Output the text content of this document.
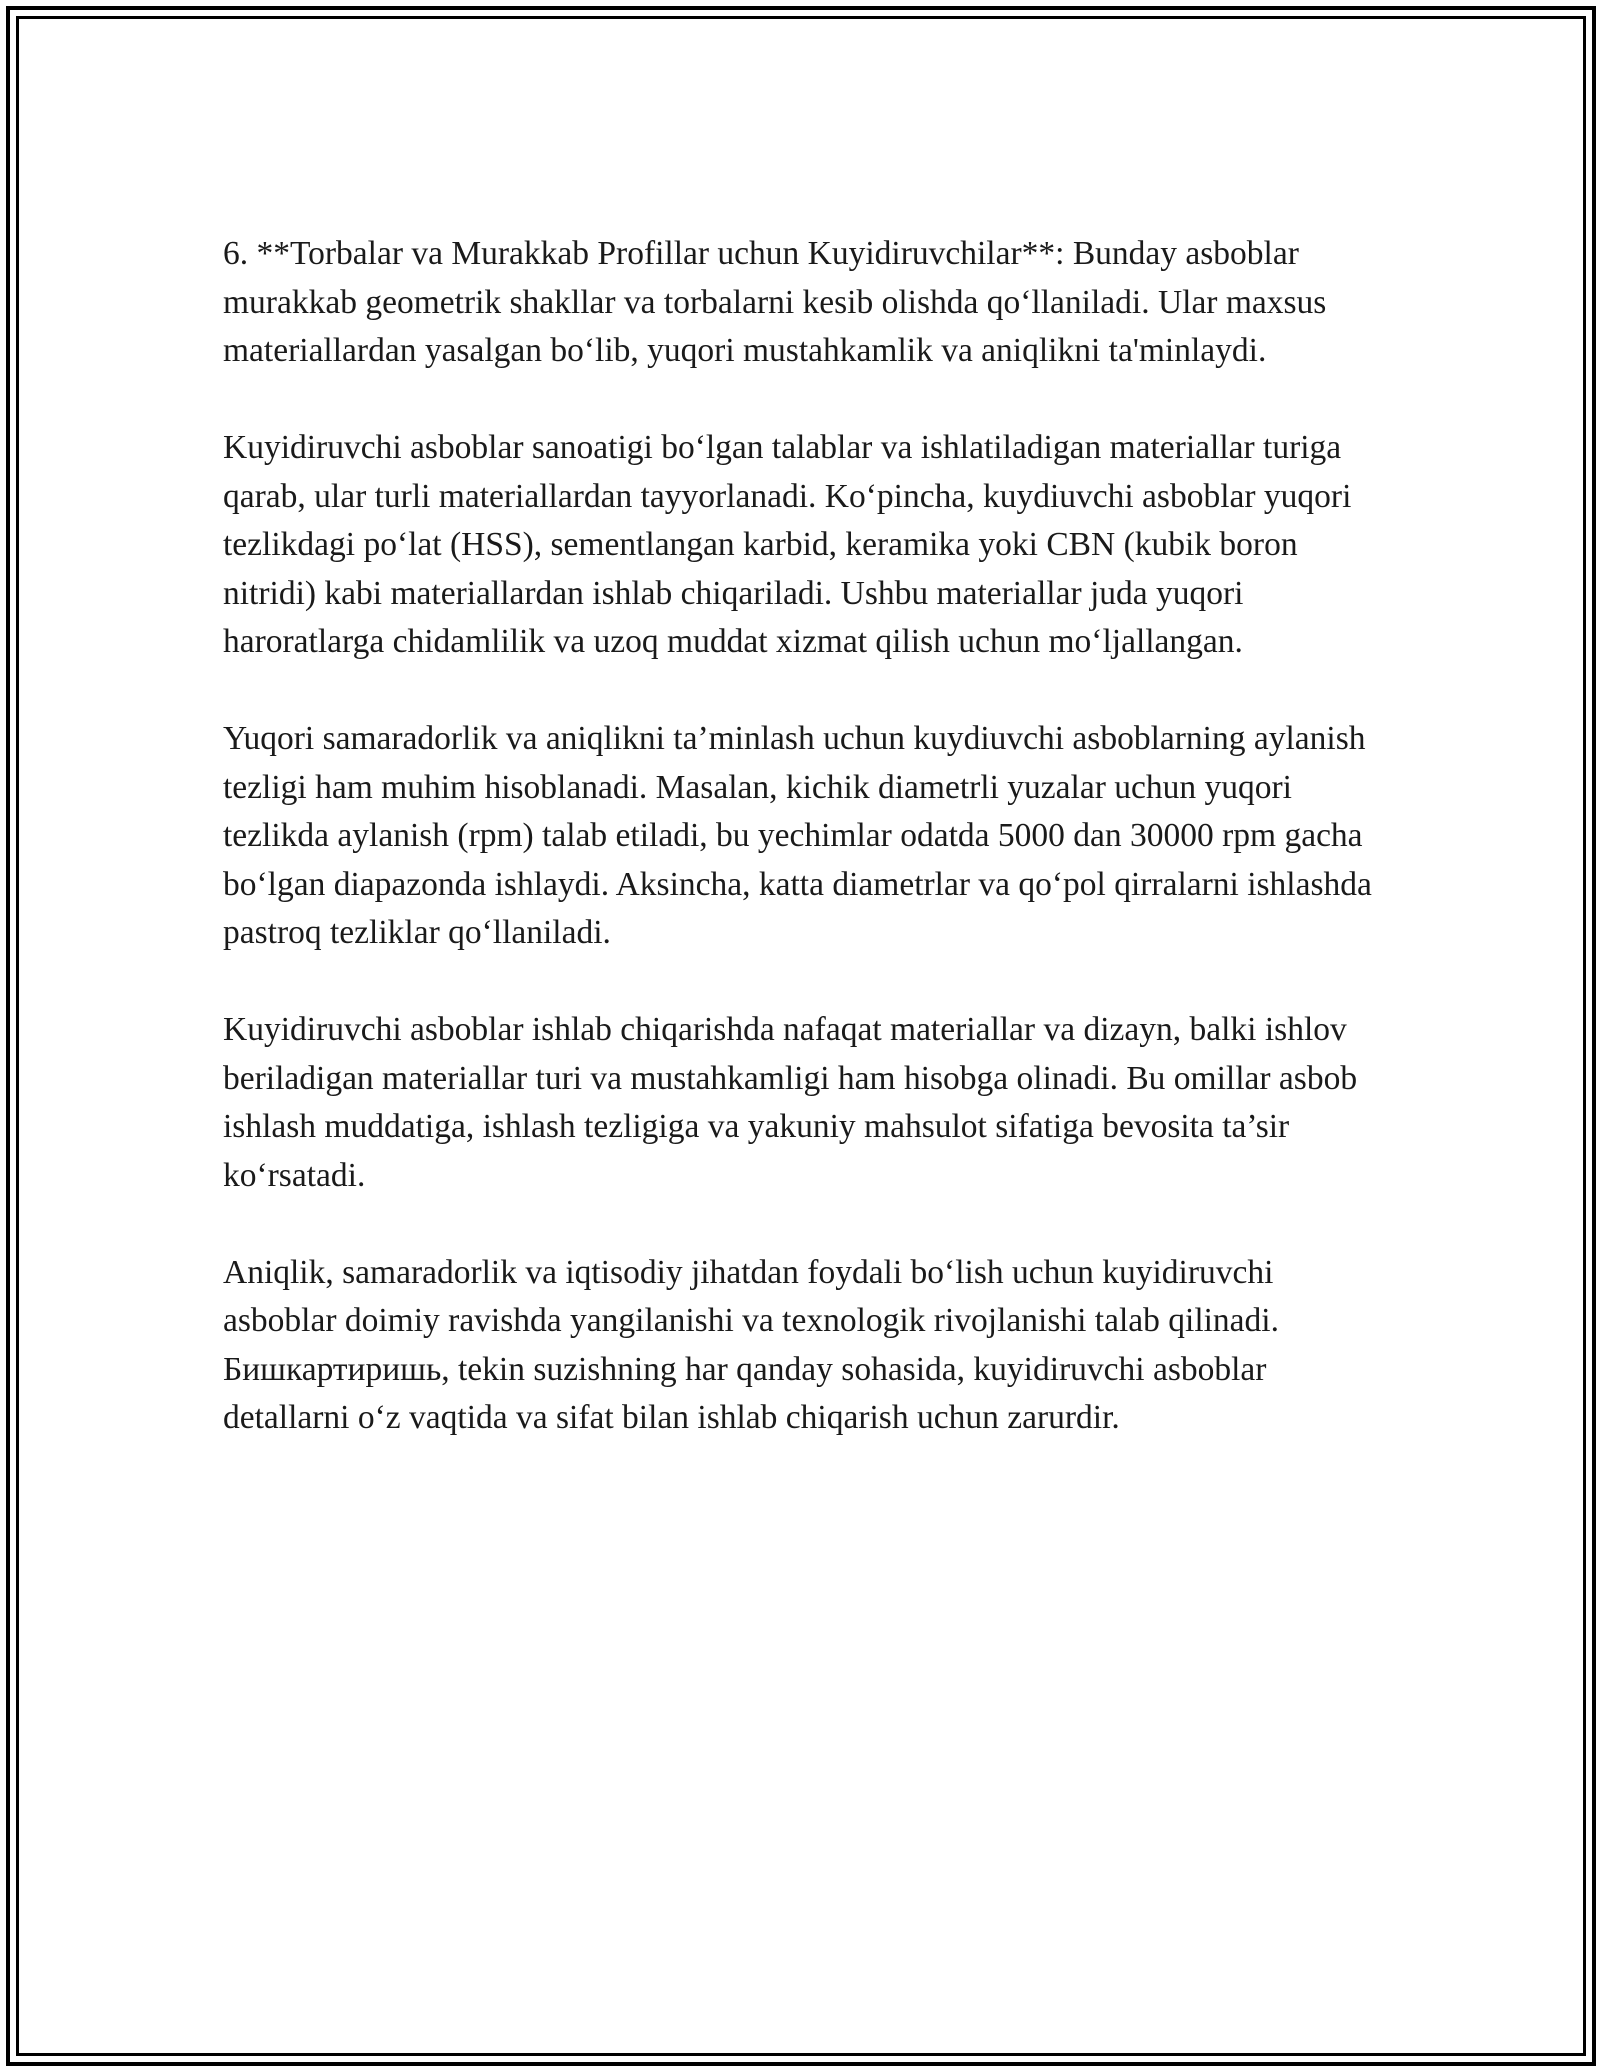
6. **Torbalar va Murakkab Profillar uchun Kuyidiruvchilar**: Bunday asboblar murakkab geometrik shakllar va torbalarni kesib olishda qo‘llaniladi. Ular maxsus materiallardan yasalgan bo‘lib, yuqori mustahkamlik va aniqlikni ta'minlaydi.

Kuyidiruvchi asboblar sanoatigi bo‘lgan talablar va ishlatiladigan materiallar turiga qarab, ular turli materiallardan tayyorlanadi. Ko‘pincha, kuydiuvchi asboblar yuqori tezlikdagi po‘lat (HSS), sementlangan karbid, keramika yoki CBN (kubik boron nitridi) kabi materiallardan ishlab chiqariladi. Ushbu materiallar juda yuqori haroratlarga chidamlilik va uzoq muddat xizmat qilish uchun mo‘ljallangan.

Yuqori samaradorlik va aniqlikni ta’minlash uchun kuydiuvchi asboblarning aylanish tezligi ham muhim hisoblanadi. Masalan, kichik diametrli yuzalar uchun yuqori tezlikda aylanish (rpm) talab etiladi, bu yechimlar odatda 5000 dan 30000 rpm gacha bo‘lgan diapazonda ishlaydi. Aksincha, katta diametrlar va qo‘pol qirralarni ishlashda pastroq tezliklar qo‘llaniladi.

Kuyidiruvchi asboblar ishlab chiqarishda nafaqat materiallar va dizayn, balki ishlov beriladigan materiallar turi va mustahkamligi ham hisobga olinadi. Bu omillar asbob ishlash muddatiga, ishlash tezligiga va yakuniy mahsulot sifatiga bevosita ta’sir ko‘rsatadi.

Aniqlik, samaradorlik va iqtisodiy jihatdan foydali bo‘lish uchun kuyidiruvchi asboblar doimiy ravishda yangilanishi va texnologik rivojlanishi talab qilinadi. Бишкартиришь, tekin suzishning har qanday sohasida, kuyidiruvchi asboblar detallarni o‘z vaqtida va sifat bilan ishlab chiqarish uchun zarurdir.
